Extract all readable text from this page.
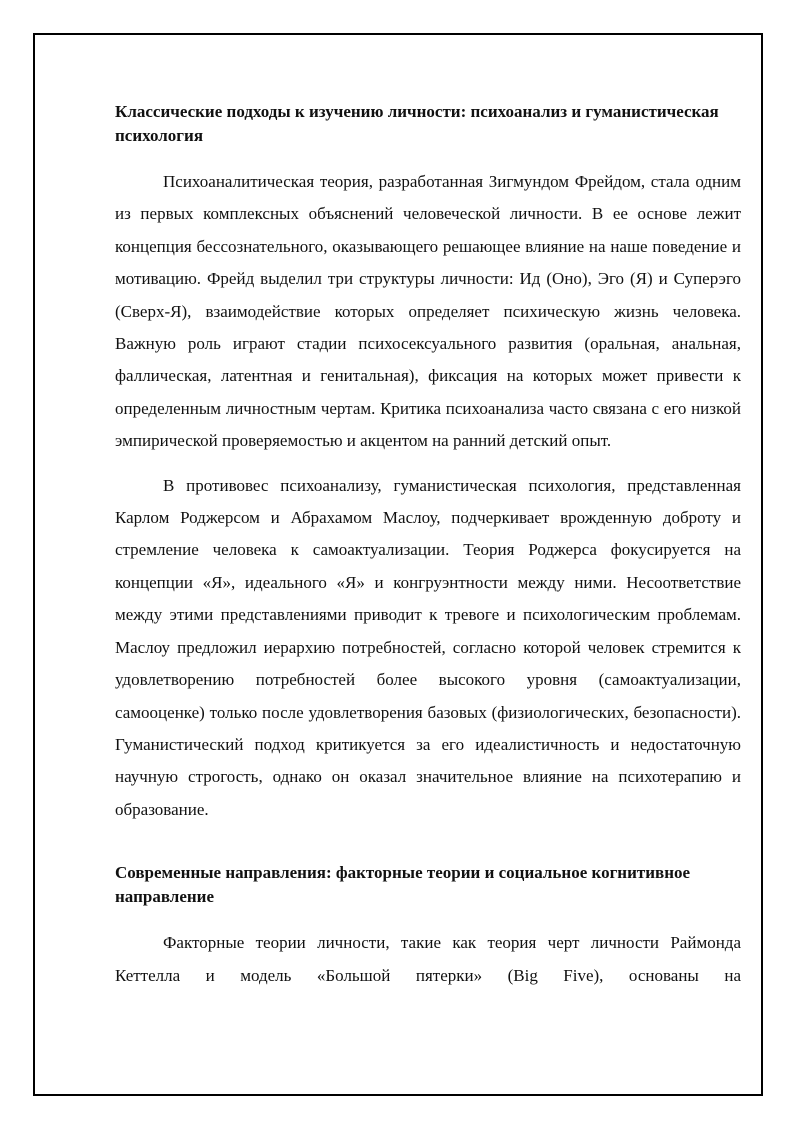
Классические подходы к изучению личности: психоанализ и гуманистическая психология

Психоаналитическая теория, разработанная Зигмундом Фрейдом, стала одним из первых комплексных объяснений человеческой личности. В ее основе лежит концепция бессознательного, оказывающего решающее влияние на наше поведение и мотивацию. Фрейд выделил три структуры личности: Ид (Оно), Эго (Я) и Суперэго (Сверх-Я), взаимодействие которых определяет психическую жизнь человека. Важную роль играют стадии психосексуального развития (оральная, анальная, фаллическая, латентная и генитальная), фиксация на которых может привести к определенным личностным чертам. Критика психоанализа часто связана с его низкой эмпирической проверяемостью и акцентом на ранний детский опыт.

В противовес психоанализу, гуманистическая психология, представленная Карлом Роджерсом и Абрахамом Маслоу, подчеркивает врожденную доброту и стремление человека к самоактуализации. Теория Роджерса фокусируется на концепции «Я», идеального «Я» и конгруэнтности между ними. Несоответствие между этими представлениями приводит к тревоге и психологическим проблемам. Маслоу предложил иерархию потребностей, согласно которой человек стремится к удовлетворению потребностей более высокого уровня (самоактуализации, самооценке) только после удовлетворения базовых (физиологических, безопасности). Гуманистический подход критикуется за его идеалистичность и недостаточную научную строгость, однако он оказал значительное влияние на психотерапию и образование.

Современные направления: факторные теории и социальное когнитивное направление

Факторные теории личности, такие как теория черт личности Раймонда Кеттелла и модель «Большой пятерки» (Big Five), основаны на
